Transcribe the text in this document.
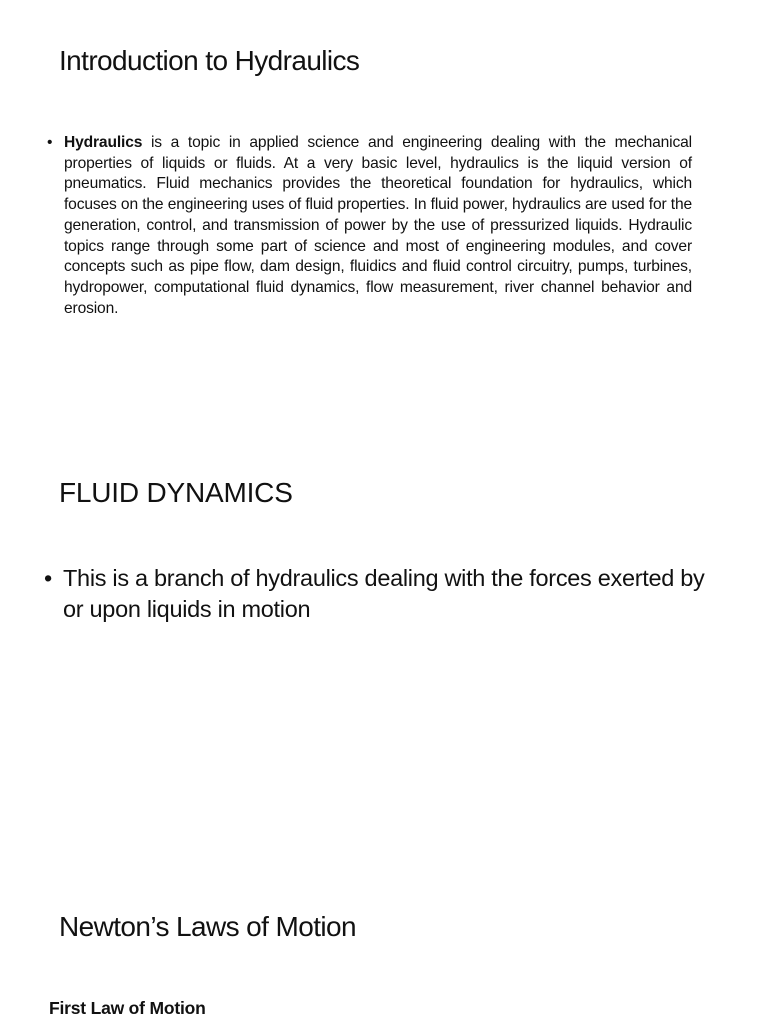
Introduction to Hydraulics
• Hydraulics is a topic in applied science and engineering dealing with the mechanical properties of liquids or fluids. At a very basic level, hydraulics is the liquid version of pneumatics. Fluid mechanics provides the theoretical foundation for hydraulics, which focuses on the engineering uses of fluid properties. In fluid power, hydraulics are used for the generation, control, and transmission of power by the use of pressurized liquids. Hydraulic topics range through some part of science and most of engineering modules, and cover concepts such as pipe flow, dam design, fluidics and fluid control circuitry, pumps, turbines, hydropower, computational fluid dynamics, flow measurement, river channel behavior and erosion.
FLUID DYNAMICS
• This is a branch of hydraulics dealing with the forces exerted by or upon liquids in motion
Newton’s Laws of Motion
First Law of Motion
